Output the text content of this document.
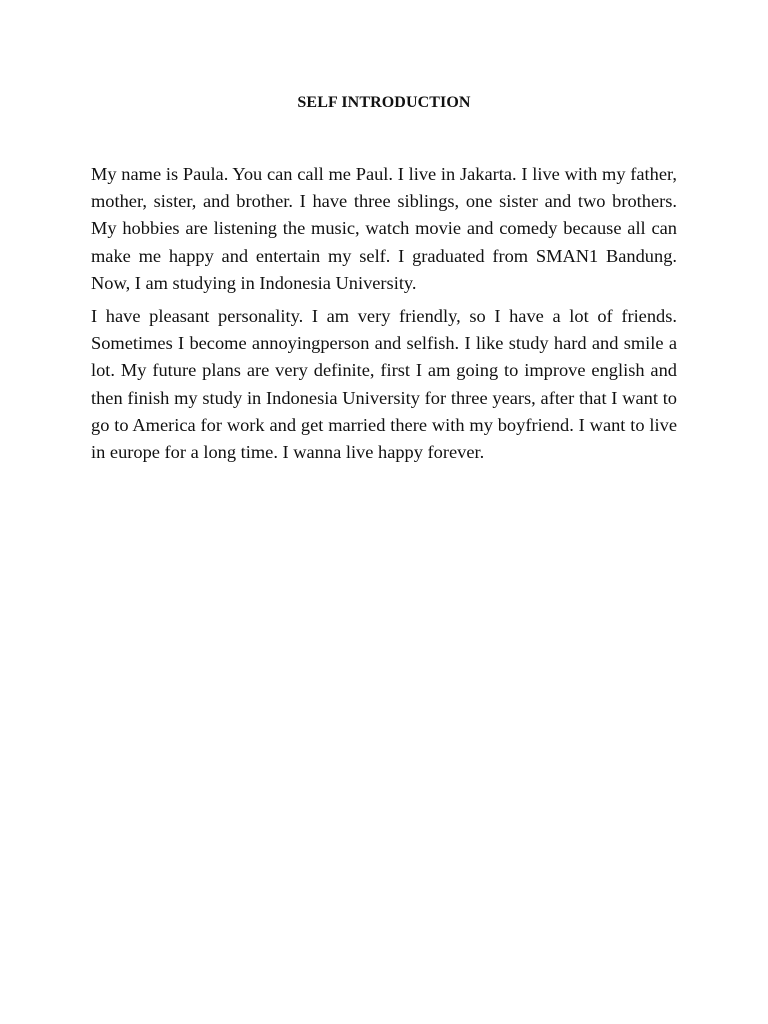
SELF INTRODUCTION

My name is Paula. You can call me Paul. I live in Jakarta. I live with my father, mother, sister, and brother. I have three siblings, one sister and two brothers. My hobbies are listening the music, watch movie and comedy because all can make me happy and entertain my self. I graduated from SMAN1 Bandung. Now, I am studying in Indonesia University.

I have pleasant personality. I am very friendly, so I have a lot of friends. Sometimes I become annoyingperson and selfish. I like study hard and smile a lot. My future plans are very definite, first I am going to improve english and then finish my study in Indonesia University for three years, after that I want to go to America for work and get married there with my boyfriend. I want to live in europe for a long time. I wanna live happy forever.
